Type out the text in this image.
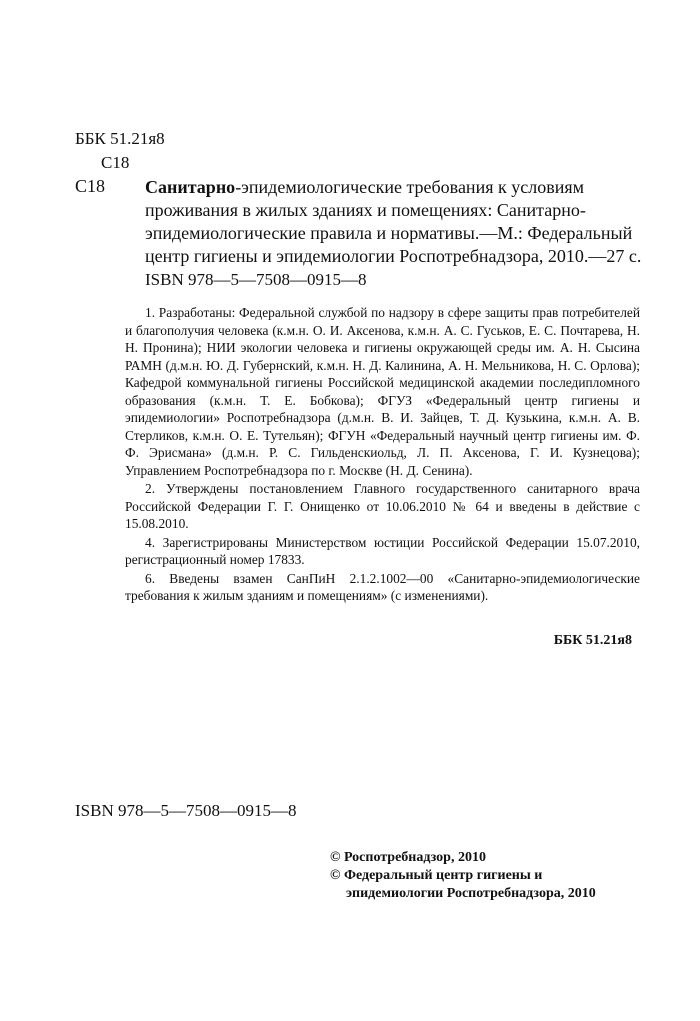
ББК 51.21я8
С18
С18 Санитарно-эпидемиологические требования к условиям проживания в жилых зданиях и помещениях: Санитарно-эпидемиологические правила и нормативы.—М.: Федеральный центр гигиены и эпидемиологии Роспотребнадзора, 2010.—27 с.
ISBN 978—5—7508—0915—8

1. Разработаны: Федеральной службой по надзору в сфере защиты прав потребителей и благополучия человека (к.м.н. О. И. Аксенова, к.м.н. А. С. Гуськов, Е. С. Почтарева, Н. Н. Пронина); НИИ экологии человека и гигиены окружающей среды им. А. Н. Сысина РАМН (д.м.н. Ю. Д. Губернский, к.м.н. Н. Д. Калинина, А. Н. Мельникова, Н. С. Орлова); Кафедрой коммунальной гигиены Российской медицинской академии последипломного образования (к.м.н. Т. Е. Бобкова); ФГУЗ «Федеральный центр гигиены и эпидемиологии» Роспотребнадзора (д.м.н. В. И. Зайцев, Т. Д. Кузькина, к.м.н. А. В. Стерликов, к.м.н. О. Е. Тутельян); ФГУН «Федеральный научный центр гигиены им. Ф. Ф. Эрисмана» (д.м.н. Р. С. Гильденскиольд, Л. П. Аксенова, Г. И. Кузнецова); Управлением Роспотребнадзора по г. Москве (Н. Д. Сенина).

2. Утверждены постановлением Главного государственного санитарного врача Российской Федерации Г. Г. Онищенко от 10.06.2010 № 64 и введены в действие с 15.08.2010.

4. Зарегистрированы Министерством юстиции Российской Федерации 15.07.2010, регистрационный номер 17833.

6. Введены взамен СанПиН 2.1.2.1002—00 «Санитарно-эпидемиологические требования к жилым зданиям и помещениям» (с изменениями).

ББК 51.21я8
ISBN 978—5—7508—0915—8
© Роспотребнадзор, 2010
© Федеральный центр гигиены и
эпидемиологии Роспотребнадзора, 2010
